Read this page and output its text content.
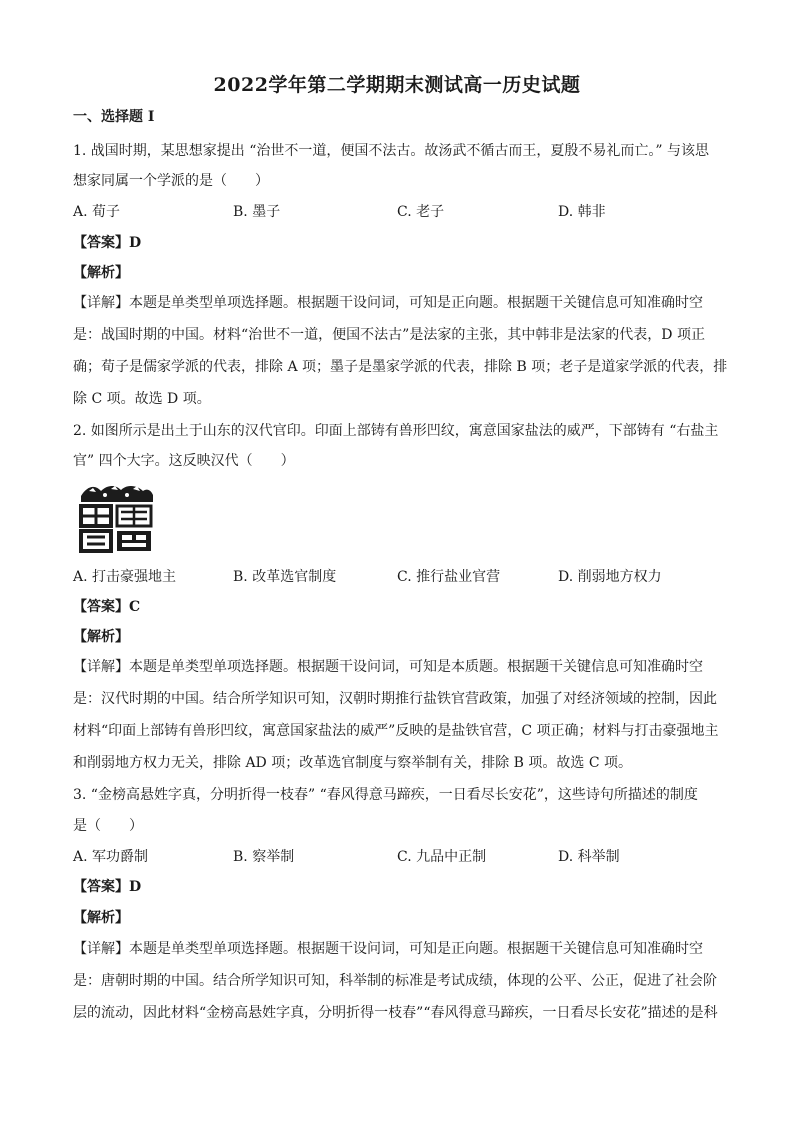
2022学年第二学期期末测试高一历史试题
一、选择题 I
1. 战国时期，某思想家提出 “治世不一道，便国不法古。故汤武不循古而王，夏殷不易礼而亡。” 与该思
想家同属一个学派的是（　　）
A. 荀子	B. 墨子	C. 老子	D. 韩非
【答案】D
【解析】
【详解】本题是单类型单项选择题。根据题干设问词，可知是正向题。根据题干关键信息可知准确时空
是：战国时期的中国。材料“治世不一道，便国不法古”是法家的主张，其中韩非是法家的代表，D 项正
确；荀子是儒家学派的代表，排除 A 项；墨子是墨家学派的代表，排除 B 项；老子是道家学派的代表，排
除 C 项。故选 D 项。
2. 如图所示是出土于山东的汉代官印。印面上部铸有兽形凹纹，寓意国家盐法的威严，下部铸有 “右盐主
官” 四个大字。这反映汉代（　　）
A. 打击豪强地主	B. 改革选官制度	C. 推行盐业官营	D. 削弱地方权力
【答案】C
【解析】
【详解】本题是单类型单项选择题。根据题干设问词，可知是本质题。根据题干关键信息可知准确时空
是：汉代时期的中国。结合所学知识可知，汉朝时期推行盐铁官营政策，加强了对经济领域的控制，因此
材料“印面上部铸有兽形凹纹，寓意国家盐法的威严”反映的是盐铁官营，C 项正确；材料与打击豪强地主
和削弱地方权力无关，排除 AD 项；改革选官制度与察举制有关，排除 B 项。故选 C 项。
3. “金榜高悬姓字真，分明折得一枝春” “春风得意马蹄疾，一日看尽长安花”，这些诗句所描述的制度
是（　　）
A. 军功爵制	B. 察举制	C. 九品中正制	D. 科举制
【答案】D
【解析】
【详解】本题是单类型单项选择题。根据题干设问词，可知是正向题。根据题干关键信息可知准确时空
是：唐朝时期的中国。结合所学知识可知，科举制的标准是考试成绩，体现的公平、公正，促进了社会阶
层的流动，因此材料“金榜高悬姓字真，分明折得一枝春”“春风得意马蹄疾，一日看尽长安花”描述的是科
